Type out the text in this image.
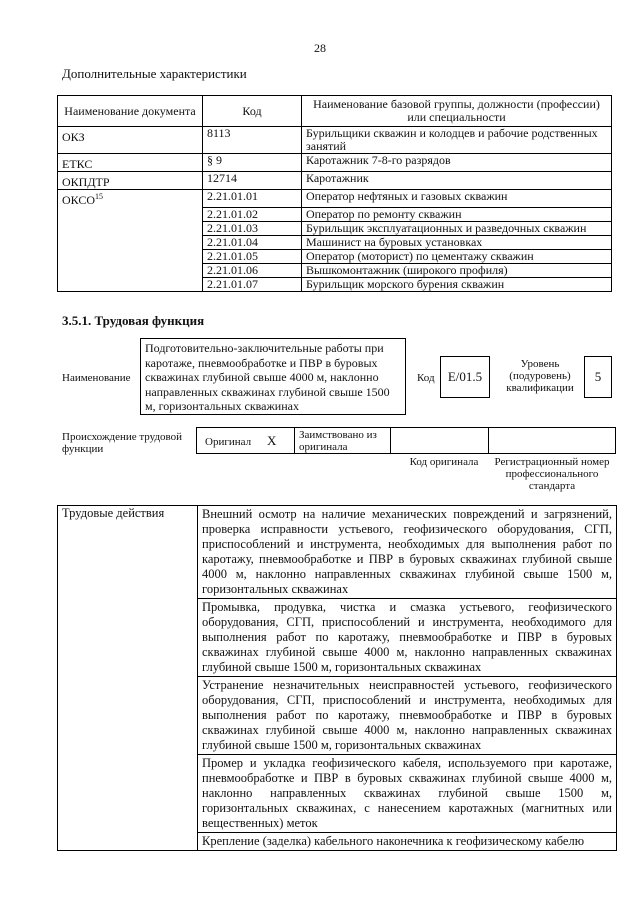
28
Дополнительные характеристики
Наименование документа	Код	Наименование базовой группы, должности (профессии) или специальности
ОКЗ	8113	Бурильщики скважин и колодцев и рабочие родственных занятий
ЕТКС	§ 9	Каротажник 7-8-го разрядов
ОКПДТР	12714	Каротажник
ОКСО$^{15}$	2.21.01.01	Оператор нефтяных и газовых скважин
	2.21.01.02	Оператор по ремонту скважин
	2.21.01.03	Бурильщик эксплуатационных и разведочных скважин
	2.21.01.04	Машинист на буровых установках
	2.21.01.05	Оператор (моторист) по цементажу скважин
	2.21.01.06	Вышкомонтажник (широкого профиля)
	2.21.01.07	Бурильщик морского бурения скважин
3.5.1. Трудовая функция
Наименование
Подготовительно-заключительные работы при каротаже, пневмообработке и ПВР в буровых скважинах глубиной свыше 4000 м, наклонно направленных скважинах глубиной свыше 1500 м, горизонтальных скважинах
Код	Е/01.5
Уровень (подуровень) квалификации
5
Происхождение трудовой функции
Оригинал Х Заимствовано из оригинала
Код оригинала	Регистрационный номер профессионального стандарта
Трудовые действия	Внешний осмотр на наличие механических повреждений и загрязнений, проверка исправности устьевого, геофизического оборудования, СГП, приспособлений и инструмента, необходимых для выполнения работ по каротажу, пневмообработке и ПВР в буровых скважинах глубиной свыше 4000 м, наклонно направленных скважинах глубиной свыше 1500 м, горизонтальных скважинах
Промывка, продувка, чистка и смазка устьевого, геофизического оборудования, СГП, приспособлений и инструмента, необходимого для выполнения работ по каротажу, пневмообработке и ПВР в буровых скважинах глубиной свыше 4000 м, наклонно направленных скважинах глубиной свыше 1500 м, горизонтальных скважинах
Устранение незначительных неисправностей устьевого, геофизического оборудования, СГП, приспособлений и инструмента, необходимых для выполнения работ по каротажу, пневмообработке и ПВР в буровых скважинах глубиной свыше 4000 м, наклонно направленных скважинах глубиной свыше 1500 м, горизонтальных скважинах
Промер и укладка геофизического кабеля, используемого при каротаже, пневмообработке и ПВР в буровых скважинах глубиной свыше 4000 м, наклонно направленных скважинах глубиной свыше 1500 м, горизонтальных скважинах, с нанесением каротажных (магнитных или вещественных) меток
Крепление (заделка) кабельного наконечника к геофизическому кабелю
